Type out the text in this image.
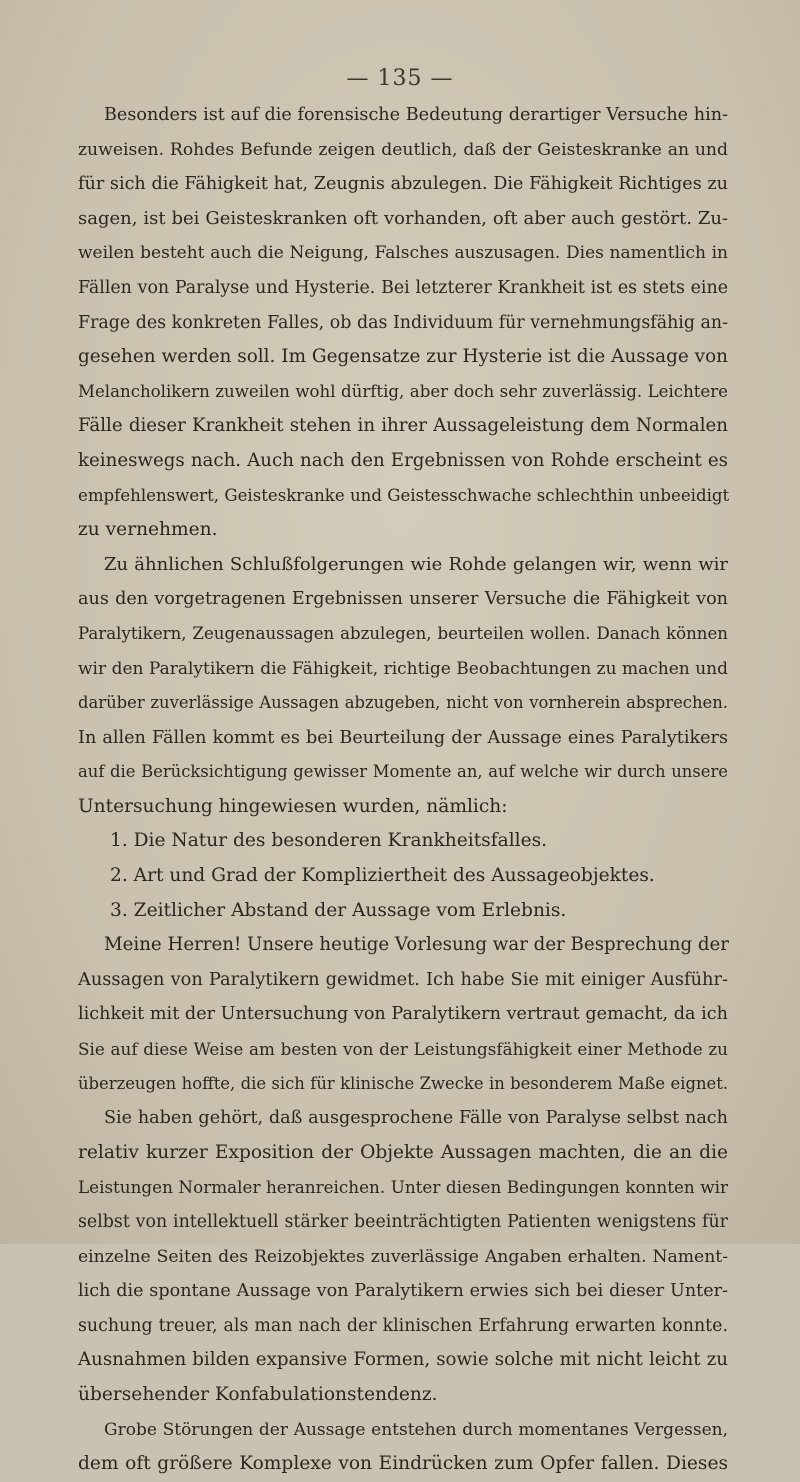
— 135 —
Besonders ist auf die forensische Bedeutung derartiger Versuche hin-
zuweisen. Rohdes Befunde zeigen deutlich, daß der Geisteskranke an und
für sich die Fähigkeit hat, Zeugnis abzulegen. Die Fähigkeit Richtiges zu
sagen, ist bei Geisteskranken oft vorhanden, oft aber auch gestört. Zu-
weilen besteht auch die Neigung, Falsches auszusagen. Dies namentlich in
Fällen von Paralyse und Hysterie. Bei letzterer Krankheit ist es stets eine
Frage des konkreten Falles, ob das Individuum für vernehmungsfähig an-
gesehen werden soll. Im Gegensatze zur Hysterie ist die Aussage von
Melancholikern zuweilen wohl dürftig, aber doch sehr zuverlässig. Leichtere
Fälle dieser Krankheit stehen in ihrer Aussageleistung dem Normalen
keineswegs nach. Auch nach den Ergebnissen von Rohde erscheint es
empfehlenswert, Geisteskranke und Geistesschwache schlechthin unbeeidigt
zu vernehmen.
Zu ähnlichen Schlußfolgerungen wie Rohde gelangen wir, wenn wir
aus den vorgetragenen Ergebnissen unserer Versuche die Fähigkeit von
Paralytikern, Zeugenaussagen abzulegen, beurteilen wollen. Danach können
wir den Paralytikern die Fähigkeit, richtige Beobachtungen zu machen und
darüber zuverlässige Aussagen abzugeben, nicht von vornherein absprechen.
In allen Fällen kommt es bei Beurteilung der Aussage eines Paralytikers
auf die Berücksichtigung gewisser Momente an, auf welche wir durch unsere
Untersuchung hingewiesen wurden, nämlich:
1. Die Natur des besonderen Krankheitsfalles.
2. Art und Grad der Kompliziertheit des Aussageobjektes.
3. Zeitlicher Abstand der Aussage vom Erlebnis.
Meine Herren! Unsere heutige Vorlesung war der Besprechung der
Aussagen von Paralytikern gewidmet. Ich habe Sie mit einiger Ausführ-
lichkeit mit der Untersuchung von Paralytikern vertraut gemacht, da ich
Sie auf diese Weise am besten von der Leistungsfähigkeit einer Methode zu
überzeugen hoffte, die sich für klinische Zwecke in besonderem Maße eignet.
Sie haben gehört, daß ausgesprochene Fälle von Paralyse selbst nach
relativ kurzer Exposition der Objekte Aussagen machten, die an die
Leistungen Normaler heranreichen. Unter diesen Bedingungen konnten wir
selbst von intellektuell stärker beeinträchtigten Patienten wenigstens für
einzelne Seiten des Reizobjektes zuverlässige Angaben erhalten. Nament-
lich die spontane Aussage von Paralytikern erwies sich bei dieser Unter-
suchung treuer, als man nach der klinischen Erfahrung erwarten konnte.
Ausnahmen bilden expansive Formen, sowie solche mit nicht leicht zu
übersehender Konfabulationstendenz.
Grobe Störungen der Aussage entstehen durch momentanes Vergessen,
dem oft größere Komplexe von Eindrücken zum Opfer fallen. Dieses
